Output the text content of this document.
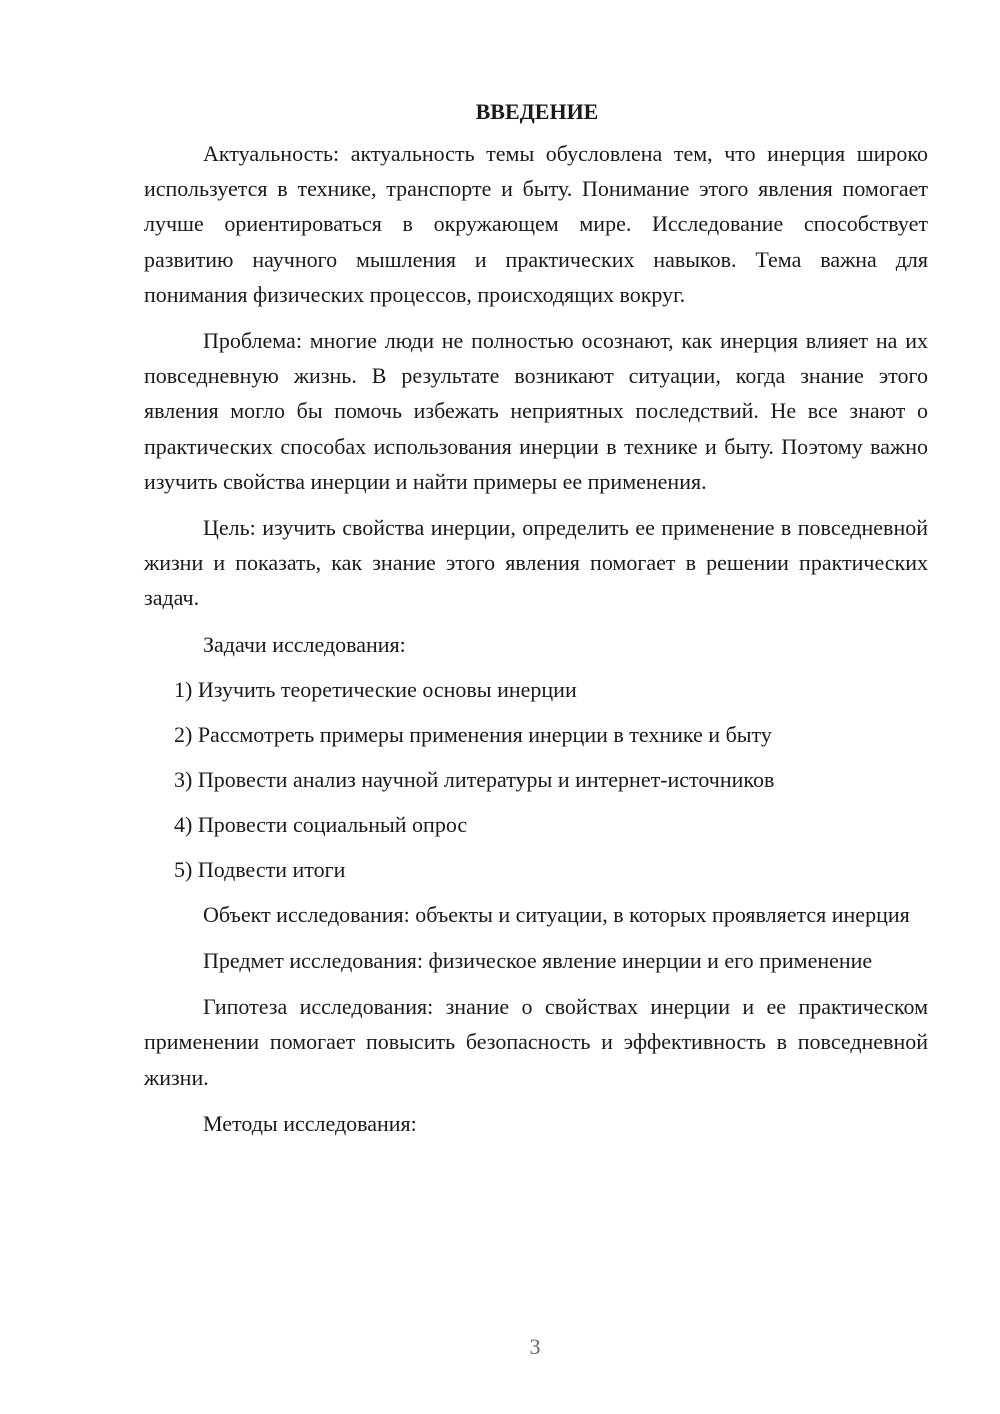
ВВЕДЕНИЕ

Актуальность: актуальность темы обусловлена тем, что инерция широко используется в технике, транспорте и быту. Понимание этого явления помогает лучше ориентироваться в окружающем мире. Исследование способствует развитию научного мышления и практических навыков. Тема важна для понимания физических процессов, происходящих вокруг.

Проблема: многие люди не полностью осознают, как инерция влияет на их повседневную жизнь. В результате возникают ситуации, когда знание этого явления могло бы помочь избежать неприятных последствий. Не все знают о практических способах использования инерции в технике и быту. Поэтому важно изучить свойства инерции и найти примеры ее применения.

Цель: изучить свойства инерции, определить ее применение в повседневной жизни и показать, как знание этого явления помогает в решении практических задач.

Задачи исследования:

1) Изучить теоретические основы инерции
2) Рассмотреть примеры применения инерции в технике и быту
3) Провести анализ научной литературы и интернет-источников
4) Провести социальный опрос
5) Подвести итоги

Объект исследования: объекты и ситуации, в которых проявляется инерция

Предмет исследования: физическое явление инерции и его применение

Гипотеза исследования: знание о свойствах инерции и ее практическом применении помогает повысить безопасность и эффективность в повседневной жизни.

Методы исследования:

3
